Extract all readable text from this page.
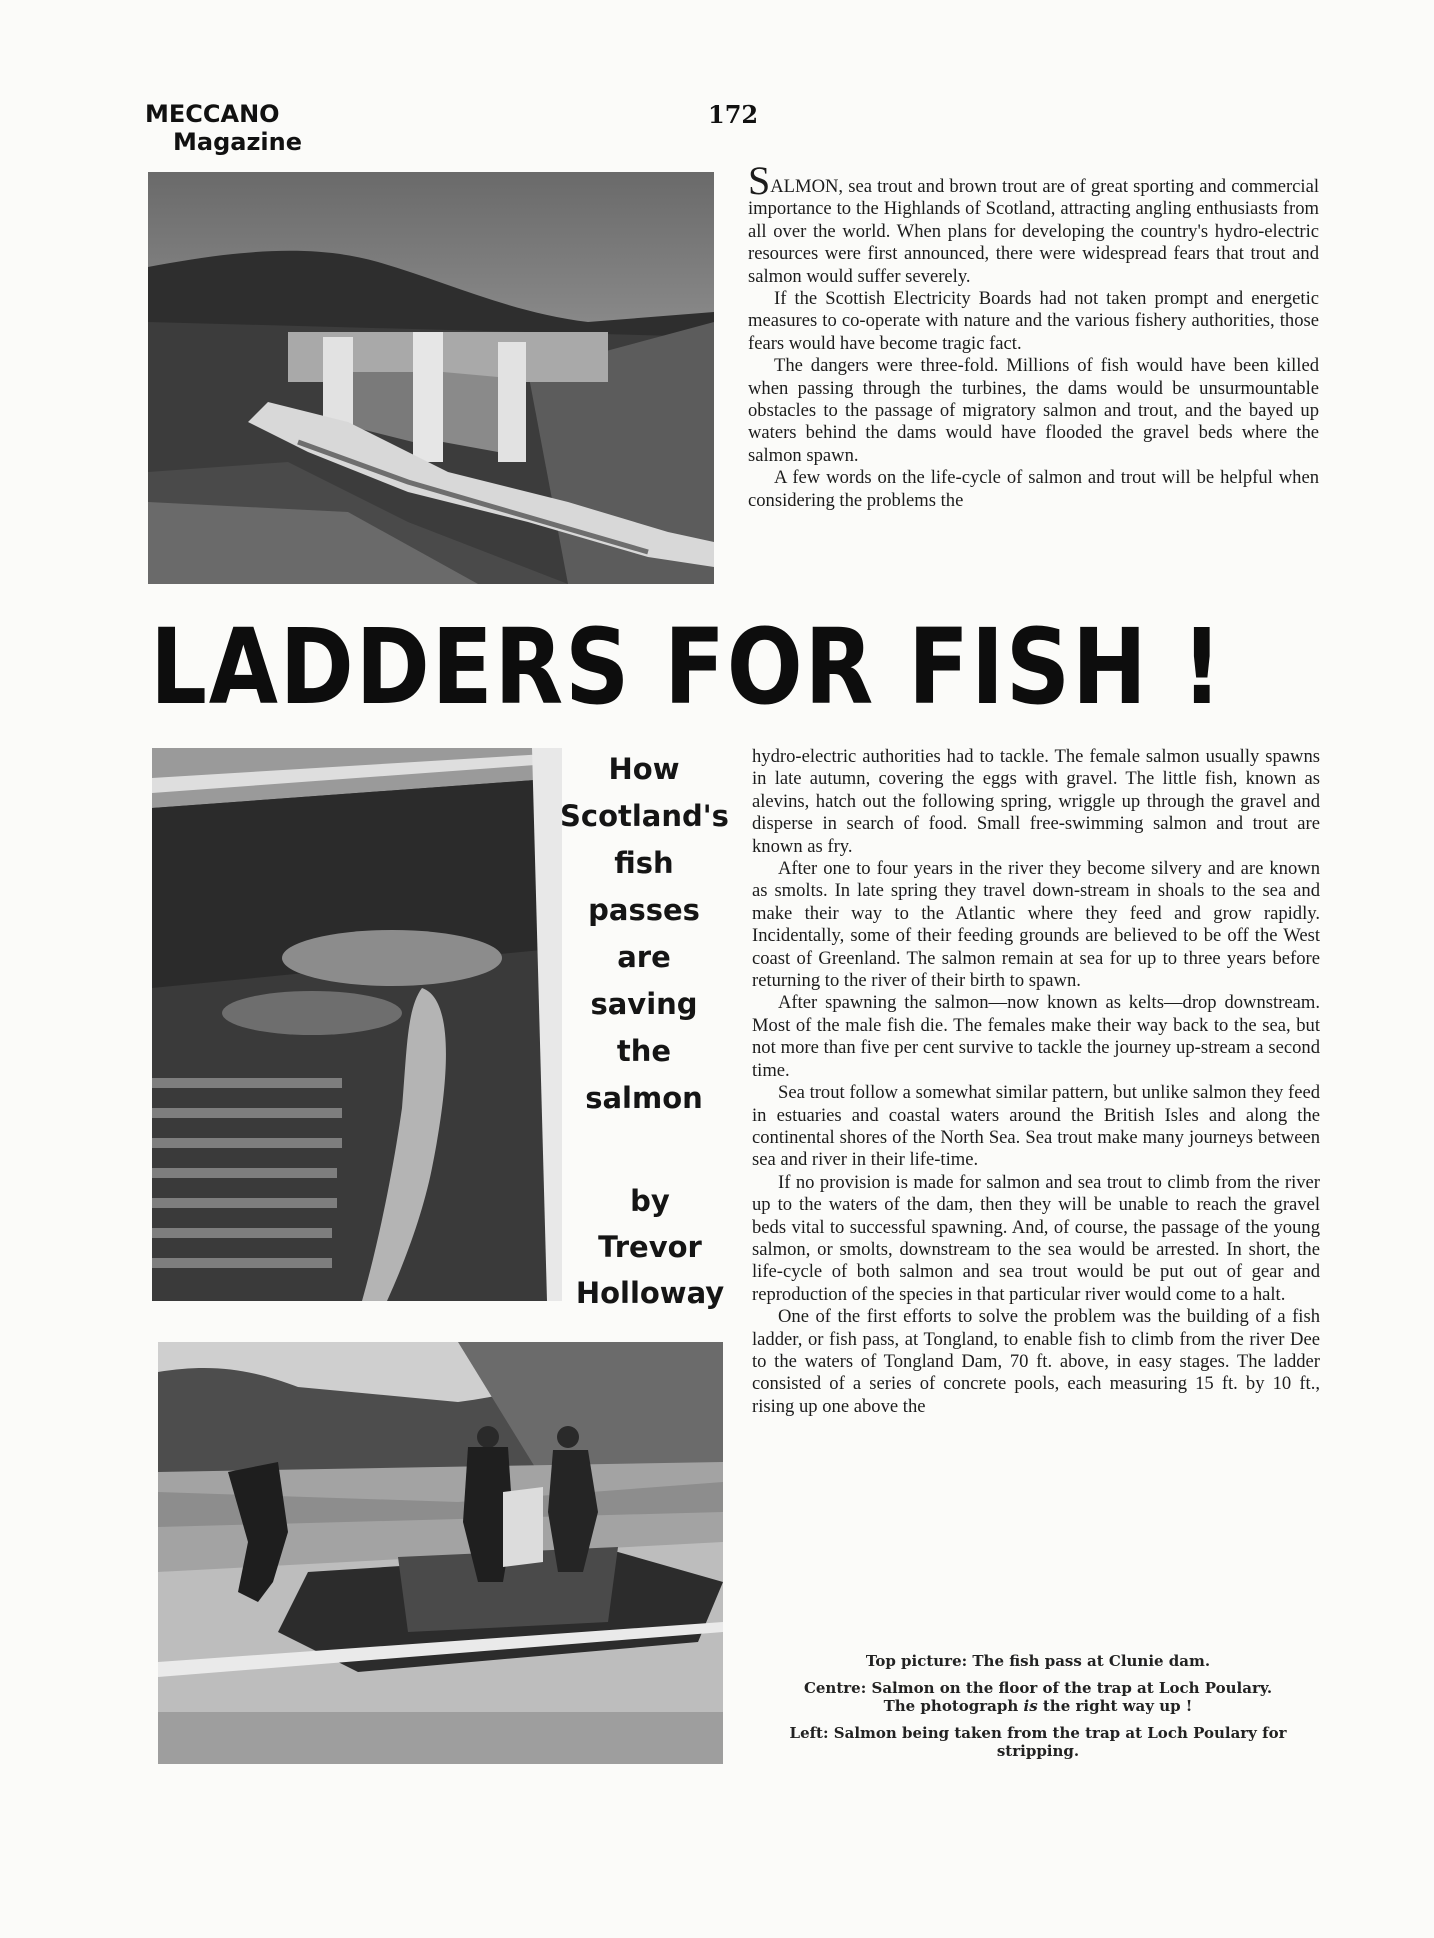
MECCANO
Magazine
172

SALMON, sea trout and brown trout are of great sporting and commercial importance to the Highlands of Scotland, attracting angling enthusiasts from all over the world. When plans for developing the country's hydro-electric resources were first announced, there were widespread fears that trout and salmon would suffer severely.

If the Scottish Electricity Boards had not taken prompt and energetic measures to co-operate with nature and the various fishery authorities, those fears would have become tragic fact.

The dangers were three-fold. Millions of fish would have been killed when passing through the turbines, the dams would be unsurmountable obstacles to the passage of migratory salmon and trout, and the bayed up waters behind the dams would have flooded the gravel beds where the salmon spawn.

A few words on the life-cycle of salmon and trout will be helpful when considering the problems the

LADDERS FOR FISH !
How
Scotland's
fish
passes
are
saving
the
salmon
by
Trevor
Holloway

hydro-electric authorities had to tackle. The female salmon usually spawns in late autumn, covering the eggs with gravel. The little fish, known as alevins, hatch out the following spring, wriggle up through the gravel and disperse in search of food. Small free-swimming salmon and trout are known as fry.

After one to four years in the river they become silvery and are known as smolts. In late spring they travel down-stream in shoals to the sea and make their way to the Atlantic where they feed and grow rapidly. Incidentally, some of their feeding grounds are believed to be off the West coast of Greenland. The salmon remain at sea for up to three years before returning to the river of their birth to spawn.

After spawning the salmon—now known as kelts—drop downstream. Most of the male fish die. The females make their way back to the sea, but not more than five per cent survive to tackle the journey up-stream a second time.

Sea trout follow a somewhat similar pattern, but unlike salmon they feed in estuaries and coastal waters around the British Isles and along the continental shores of the North Sea. Sea trout make many journeys between sea and river in their life-time.

If no provision is made for salmon and sea trout to climb from the river up to the waters of the dam, then they will be unable to reach the gravel beds vital to successful spawning. And, of course, the passage of the young salmon, or smolts, downstream to the sea would be arrested. In short, the life-cycle of both salmon and sea trout would be put out of gear and reproduction of the species in that particular river would come to a halt.

One of the first efforts to solve the problem was the building of a fish ladder, or fish pass, at Tongland, to enable fish to climb from the river Dee to the waters of Tongland Dam, 70 ft. above, in easy stages. The ladder consisted of a series of concrete pools, each measuring 15 ft. by 10 ft., rising up one above the

Top picture: The fish pass at Clunie dam.

Centre: Salmon on the floor of the trap at Loch Poulary.
The photograph is the right way up !

Left: Salmon being taken from the trap at Loch Poulary for stripping.
